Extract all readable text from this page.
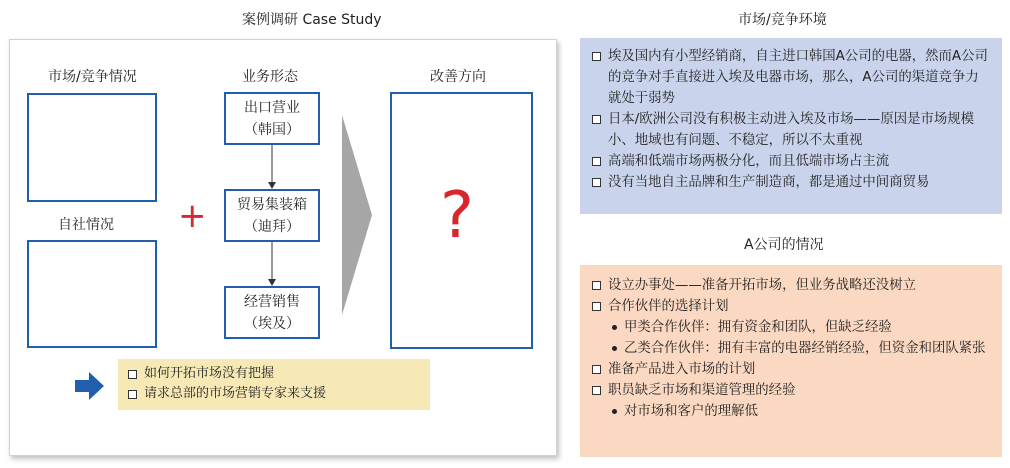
案例调研 Case Study
市场/竞争情况	业务形态	改善方向
自社情况 +
出口营业
（韩国）
贸易集装箱
（迪拜）
经营销售
（埃及）
?
如何开拓市场没有把握
请求总部的市场营销专家来支援
市场/竞争环境
埃及国内有小型经销商，自主进口韩国A公司的电器，然而A公司的竞争对手直接进入埃及电器市场，那么，A公司的渠道竞争力就处于弱势
日本/欧洲公司没有积极主动进入埃及市场——原因是市场规模小、地域也有问题、不稳定，所以不太重视
高端和低端市场两极分化，而且低端市场占主流
没有当地自主品牌和生产制造商，都是通过中间商贸易
A公司的情况
设立办事处——准备开拓市场，但业务战略还没树立
合作伙伴的选择计划
甲类合作伙伴：拥有资金和团队，但缺乏经验
乙类合作伙伴：拥有丰富的电器经销经验，但资金和团队紧张
准备产品进入市场的计划
职员缺乏市场和渠道管理的经验
对市场和客户的理解低
